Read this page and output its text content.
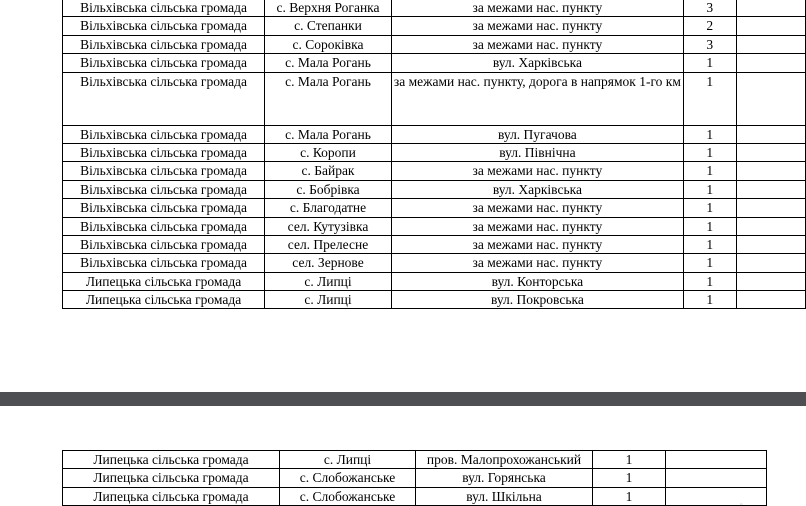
Вільхівська сільська громада	с. Верхня Роганка	за межами нас. пункту	3	
Вільхівська сільська громада	с. Степанки	за межами нас. пункту	2	
Вільхівська сільська громада	с. Сороківка	за межами нас. пункту	3	
Вільхівська сільська громада	с. Мала Рогань	вул. Харківська	1	
Вільхівська сільська громада	с. Мала Рогань	за межами нас. пункту, дорога в напрямок 1-го км	1	
Вільхівська сільська громада	с. Мала Рогань	вул. Пугачова	1	
Вільхівська сільська громада	с. Коропи	вул. Північна	1	
Вільхівська сільська громада	с. Байрак	за межами нас. пункту	1	
Вільхівська сільська громада	с. Бобрівка	вул. Харківська	1	
Вільхівська сільська громада	с. Благодатне	за межами нас. пункту	1	
Вільхівська сільська громада	сел. Кутузівка	за межами нас. пункту	1	
Вільхівська сільська громада	сел. Прелесне	за межами нас. пункту	1	
Вільхівська сільська громада	сел. Зернове	за межами нас. пункту	1	
Липецька сільська громада	с. Липці	вул. Конторська	1	
Липецька сільська громада	с. Липці	вул. Покровська	1	
Липецька сільська громада	с. Липці	пров. Малопрохожанський	1	
Липецька сільська громада	с. Слобожанське	вул. Горянська	1	
Липецька сільська громада	с. Слобожанське	вул. Шкільна	1		„
